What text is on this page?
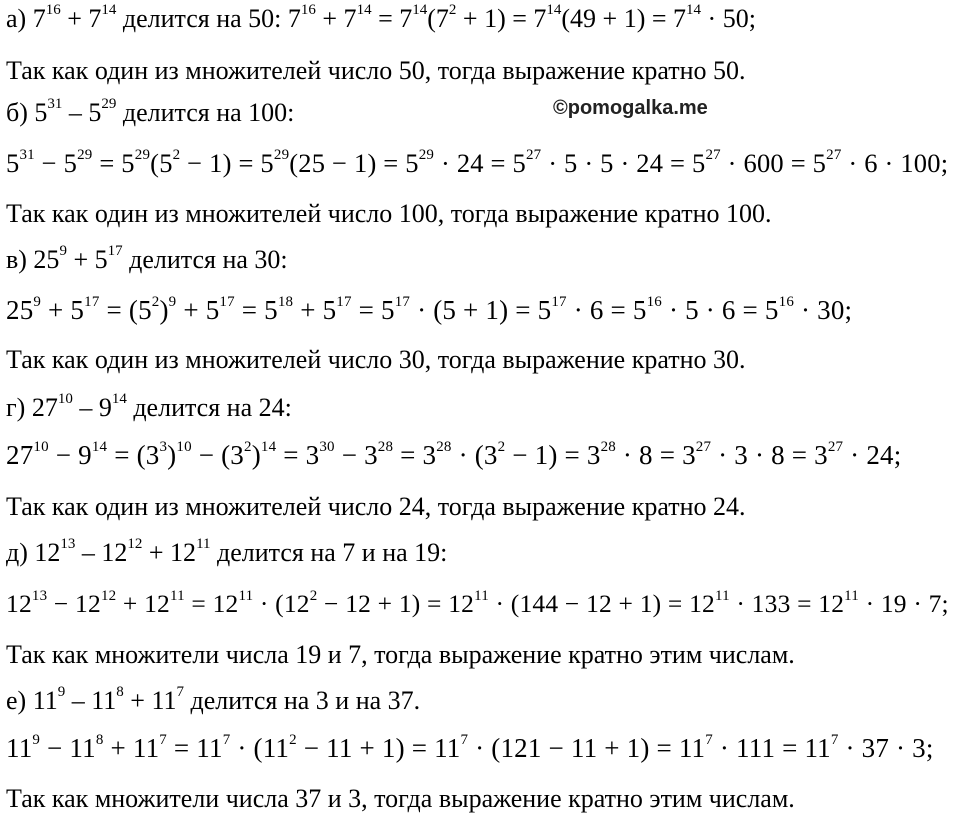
а) $7^{16} + 7^{14}$ делится на 50: $7^{16} + 7^{14} = 7^{14}(7^2 + 1) = 7^{14}(49 + 1) = 7^{14} \cdot 50$;
Так как один из множителей число 50, тогда выражение кратно 50.
б) $5^{31} - 5^{29}$ делится на 100:	©pomogalka.me
$5^{31} - 5^{29} = 5^{29}(5^2 - 1) = 5^{29}(25 - 1) = 5^{29} \cdot 24 = 5^{27} \cdot 5 \cdot 5 \cdot 24 = 5^{27} \cdot 600 = 5^{27} \cdot 6 \cdot 100$;
Так как один из множителей число 100, тогда выражение кратно 100.
в) $25^9 + 5^{17}$ делится на 30:
$25^9 + 5^{17} = (5^2)^9 + 5^{17} = 5^{18} + 5^{17} = 5^{17} \cdot (5 + 1) = 5^{17} \cdot 6 = 5^{16} \cdot 5 \cdot 6 = 5^{16} \cdot 30$;
Так как один из множителей число 30, тогда выражение кратно 30.
г) $27^{10} - 9^{14}$ делится на 24:
$27^{10} - 9^{14} = (3^3)^{10} - (3^2)^{14} = 3^{30} - 3^{28} = 3^{28} \cdot (3^2 - 1) = 3^{28} \cdot 8 = 3^{27} \cdot 3 \cdot 8 = 3^{27} \cdot 24$;
Так как один из множителей число 24, тогда выражение кратно 24.
д) $12^{13} - 12^{12} + 12^{11}$ делится на 7 и на 19:
$12^{13} - 12^{12} + 12^{11} = 12^{11} \cdot (12^2 - 12 + 1) = 12^{11} \cdot (144 - 12 + 1) = 12^{11} \cdot 133 = 12^{11} \cdot 19 \cdot 7$;
Так как множители числа 19 и 7, тогда выражение кратно этим числам.
е) $11^9 - 11^8 + 11^7$ делится на 3 и на 37.
$11^9 - 11^8 + 11^7 = 11^7 \cdot (11^2 - 11 + 1) = 11^7 \cdot (121 - 11 + 1) = 11^7 \cdot 111 = 11^7 \cdot 37 \cdot 3$;
Так как множители числа 37 и 3, тогда выражение кратно этим числам.
